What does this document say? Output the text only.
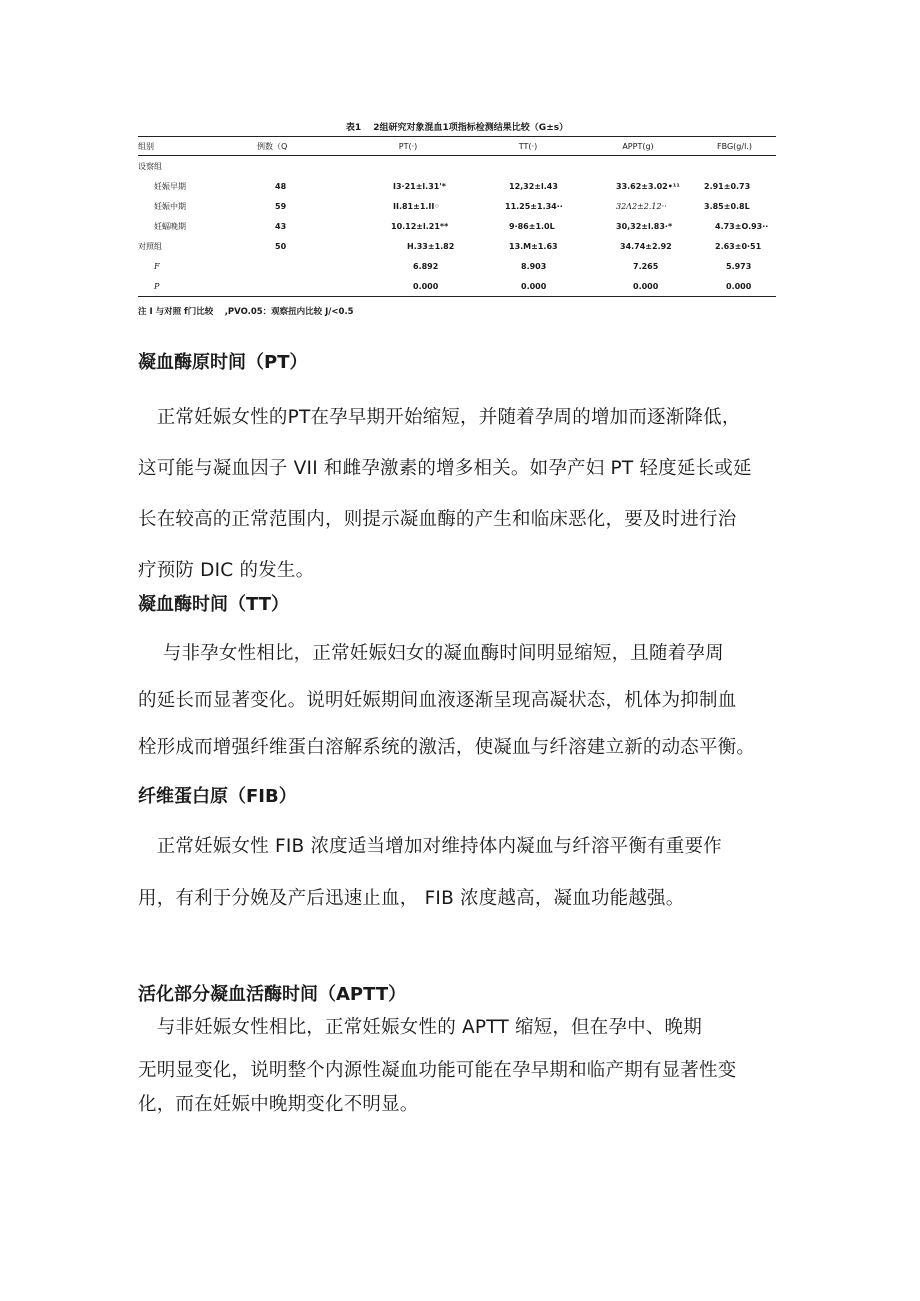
表1　 2组研究对象混血1项指标检测结果比较（G±s）
组别	例数（Q	PT(·)	TT(·)	APPT(g)	FBG(g/l.)
设察组					
妊娠早期	48	I3·21±l.31'*	12,32±l.43	33.62±3.02•¹¹	2.91±0.73
妊娠中期	59	II.81±1.II◦	11.25±1.34··	32Λ2±2.12··	3.85±0.8L
妊蝠晚期	43	10.12±l.21**	9·86±1.0L	30,32±l.83·*	4.73±O.93··
对照组	50	H.33±1.82	13.M±1.63	34.74±2.92	2.63±0·51
F		6.892	8.903	7.265	5.973
P		0.000	0.000	0.000	0.000
注 I 与对照 f门比较　 ,PVO.05：观察扭内比较 J/<0.5
凝血酶原时间（PT）
　正常妊娠女性的PT在孕早期开始缩短，并随着孕周的增加而逐渐降低，
这可能与凝血因子 VII 和雌孕激素的增多相关。如孕产妇 PT 轻度延长或延
长在较高的正常范围内，则提示凝血酶的产生和临床恶化，要及时进行治
疗预防 DIC 的发生。
凝血酶时间（TT）
　 与非孕女性相比，正常妊娠妇女的凝血酶时间明显缩短，且随着孕周
的延长而显著变化。说明妊娠期间血液逐渐呈现高凝状态，机体为抑制血
栓形成而增强纤维蛋白溶解系统的激活，使凝血与纤溶建立新的动态平衡。
纤维蛋白原（FIB）
　正常妊娠女性 FIB 浓度适当增加对维持体内凝血与纤溶平衡有重要作
用，有利于分娩及产后迅速止血， FIB 浓度越高，凝血功能越强。
活化部分凝血活酶时间（APTT）
　与非妊娠女性相比，正常妊娠女性的 APTT 缩短，但在孕中、晚期
无明显变化，说明整个内源性凝血功能可能在孕早期和临产期有显著性变
化，而在妊娠中晚期变化不明显。
